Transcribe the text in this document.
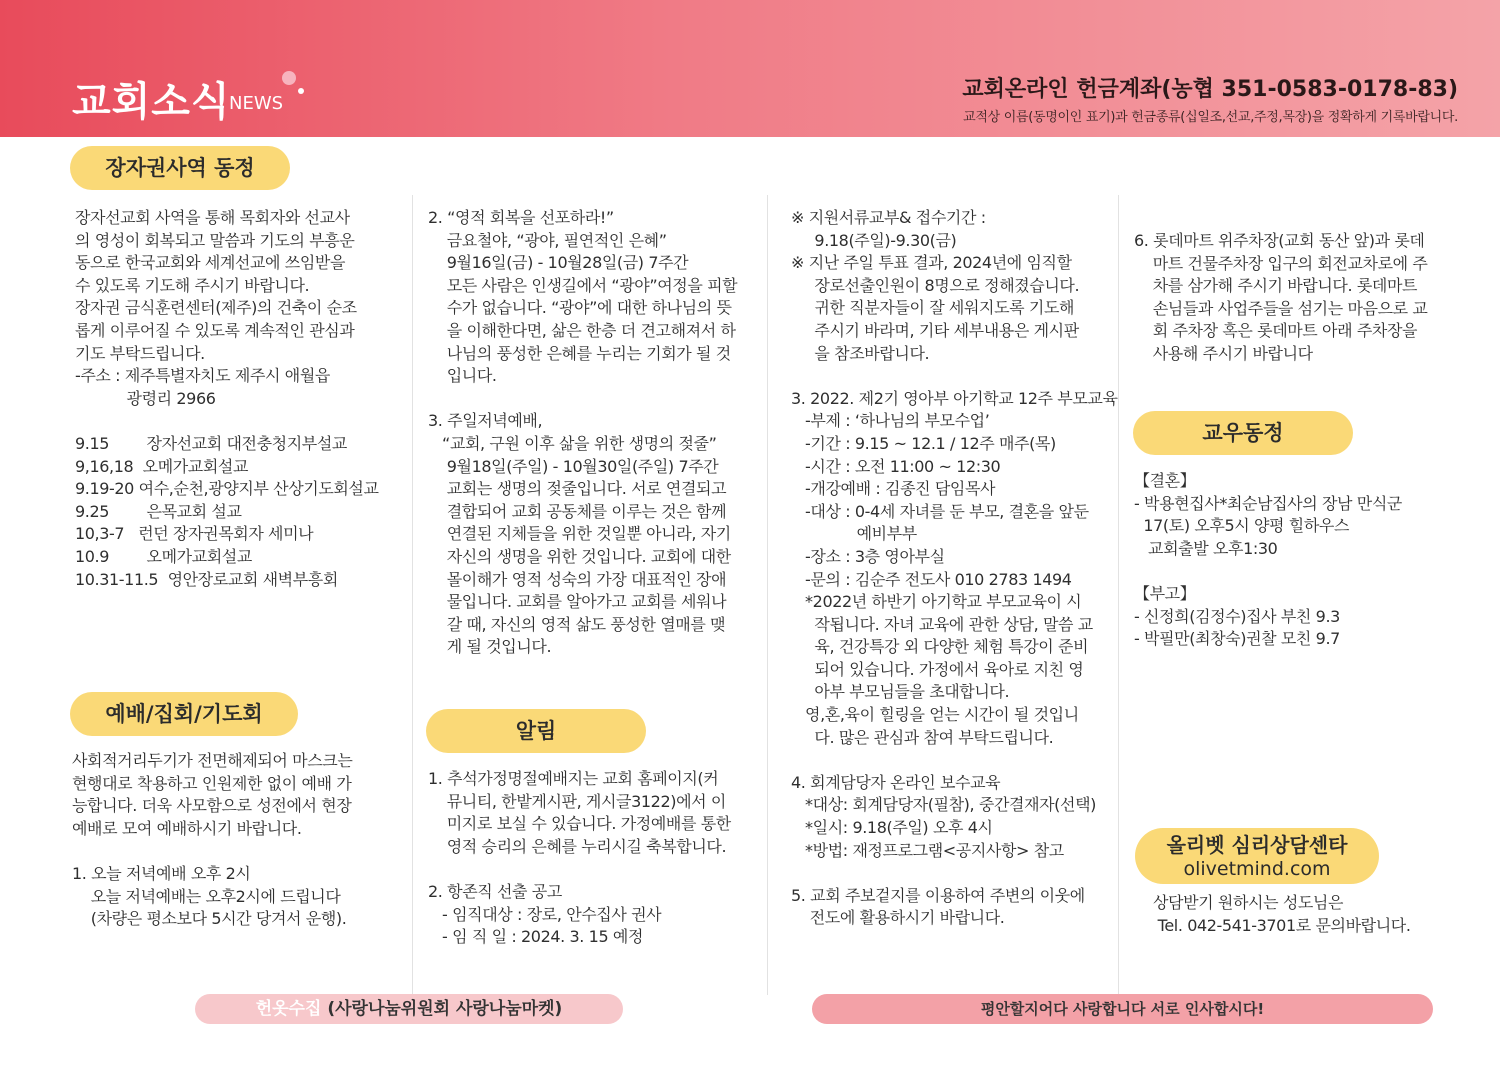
교회소식
NEWS
교회온라인 헌금계좌(농협 351-0583-0178-83)
교적상 이름(동명이인 표기)과 헌금종류(십일조,선교,주정,목장)을 정확하게 기록바랍니다.
장자권사역 동정
장자선교회 사역을 통해 목회자와 선교사
의 영성이 회복되고 말씀과 기도의 부흥운
동으로 한국교회와 세계선교에 쓰임받을
수 있도록 기도해 주시기 바랍니다.
장자권 금식훈련센터(제주)의 건축이 순조
롭게 이루어질 수 있도록 계속적인 관심과
기도 부탁드립니다.
-주소 : 제주특별자치도 제주시 애월읍
광령리 2966

9.15        장자선교회 대전충청지부설교
9,16,18  오메가교회설교
9.19-20 여수,순천,광양지부 산상기도회설교
9.25        은목교회 설교
10,3-7   런던 장자권목회자 세미나
10.9        오메가교회설교
10.31-11.5  영안장로교회 새벽부흥회
예배/집회/기도회
사회적거리두기가 전면해제되어 마스크는
현행대로 착용하고 인원제한 없이 예배 가
능합니다. 더욱 사모함으로 성전에서 현장
예배로 모여 예배하시기 바랍니다.

1. 오늘 저녁예배 오후 2시
오늘 저녁예배는 오후2시에 드립니다
(차량은 평소보다 5시간 당겨서 운행).
2. “영적 회복을 선포하라!”
금요철야, “광야, 필연적인 은혜”
9월16일(금) - 10월28일(금) 7주간
모든 사람은 인생길에서 “광야”여정을 피할
수가 없습니다. “광야”에 대한 하나님의 뜻
을 이해한다면, 삶은 한층 더 견고해져서 하
나님의 풍성한 은혜를 누리는 기회가 될 것
입니다.

3. 주일저녁예배,
“교회, 구원 이후 삶을 위한 생명의 젖줄”
9월18일(주일) - 10월30일(주일) 7주간
교회는 생명의 젖줄입니다. 서로 연결되고
결합되어 교회 공동체를 이루는 것은 함께
연결된 지체들을 위한 것일뿐 아니라, 자기
자신의 생명을 위한 것입니다. 교회에 대한
몰이해가 영적 성숙의 가장 대표적인 장애
물입니다. 교회를 알아가고 교회를 세워나
갈 때, 자신의 영적 삶도 풍성한 열매를 맺
게 될 것입니다.
알림
1. 추석가정명절예배지는 교회 홈페이지(커
뮤니티, 한밭게시판, 게시글3122)에서 이
미지로 보실 수 있습니다. 가정예배를 통한
영적 승리의 은혜를 누리시길 축복합니다.

2. 항존직 선출 공고
- 임직대상 : 장로, 안수집사 권사
- 임 직 일 : 2024. 3. 15 예정
※ 지원서류교부& 접수기간 :
9.18(주일)-9.30(금)
※ 지난 주일 투표 결과, 2024년에 임직할
장로선출인원이 8명으로 정해졌습니다.
귀한 직분자들이 잘 세워지도록 기도해
주시기 바라며, 기타 세부내용은 게시판
을 참조바랍니다.

3. 2022. 제2기 영아부 아기학교 12주 부모교육
-부제 : ‘하나님의 부모수업’
-기간 : 9.15 ~ 12.1 / 12주 매주(목)
-시간 : 오전 11:00 ~ 12:30
-개강예배 : 김종진 담임목사
-대상 : 0-4세 자녀를 둔 부모, 결혼을 앞둔
예비부부
-장소 : 3층 영아부실
-문의 : 김순주 전도사 010 2783 1494
*2022년 하반기 아기학교 부모교육이 시
작됩니다. 자녀 교육에 관한 상담, 말씀 교
육, 건강특강 외 다양한 체험 특강이 준비
되어 있습니다. 가정에서 육아로 지친 영
아부 부모님들을 초대합니다.
영,혼,육이 힐링을 얻는 시간이 될 것입니
다. 많은 관심과 참여 부탁드립니다.

4. 회계담당자 온라인 보수교육
*대상: 회계담당자(필참), 중간결재자(선택)
*일시: 9.18(주일) 오후 4시
*방법: 재정프로그램<공지사항> 참고

5. 교회 주보겉지를 이용하여 주변의 이웃에
전도에 활용하시기 바랍니다.
6. 롯데마트 위주차장(교회 동산 앞)과 롯데
마트 건물주차장 입구의 회전교차로에 주
차를 삼가해 주시기 바랍니다. 롯데마트
손님들과 사업주들을 섬기는 마음으로 교
회 주차장 혹은 롯데마트 아래 주차장을
사용해 주시기 바랍니다
교우동정
【결혼】
- 박용현집사*최순남집사의 장남 만식군
17(토) 오후5시 양평 힐하우스
교회출발 오후1:30

【부고】
- 신정희(김정수)집사 부친 9.3
- 박필만(최창숙)권찰 모친 9.7
올리벳 심리상담센타
olivetmind.com
상담받기 원하시는 성도님은
Tel. 042-541-3701로 문의바랍니다.
헌옷수집 (사랑나눔위원회 사랑나눔마켓)	평안할지어다 사랑합니다 서로 인사합시다!
